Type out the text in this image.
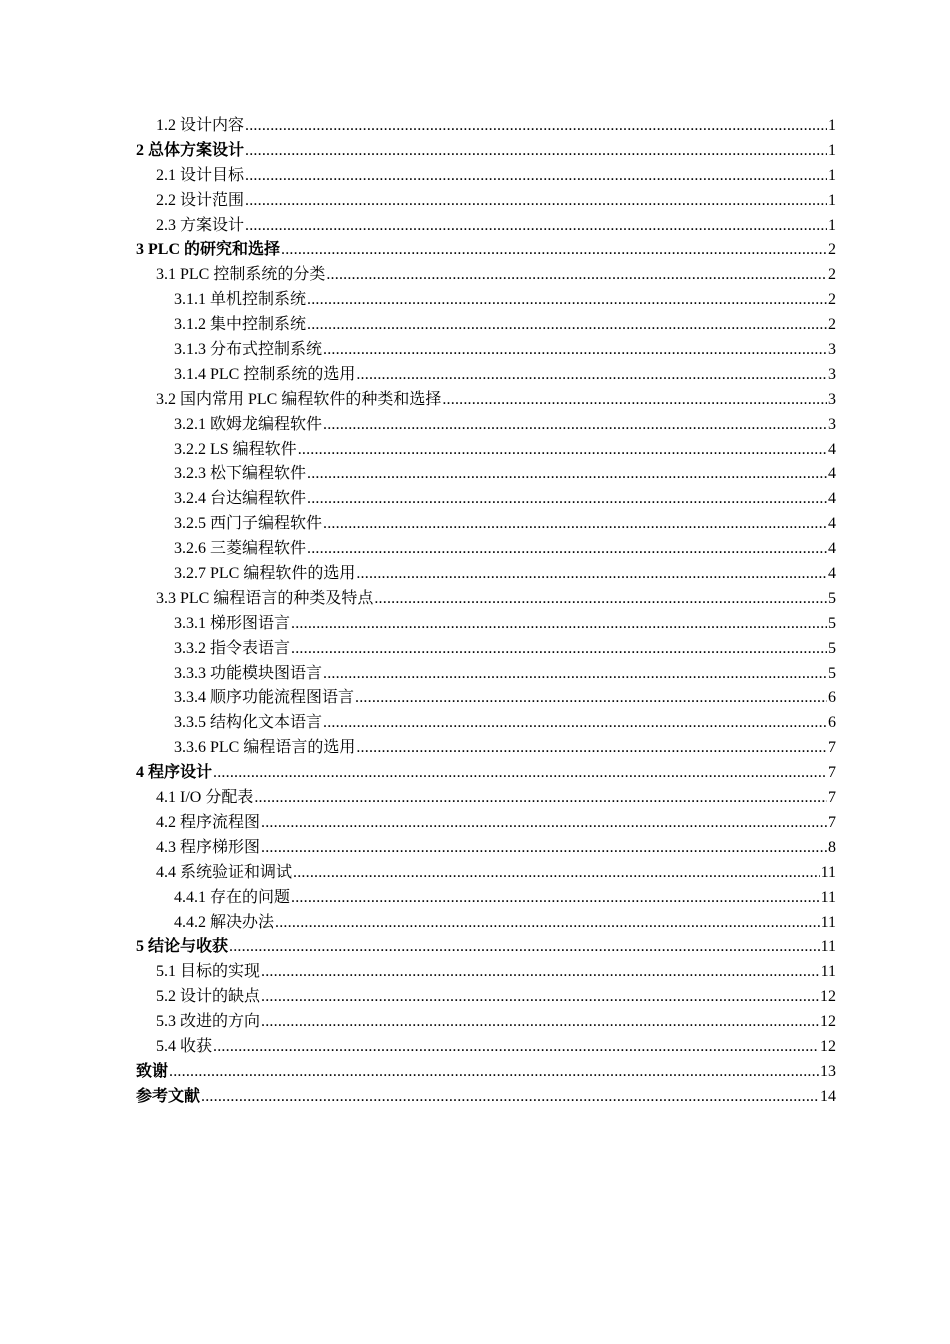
1.2 设计内容 .....	1
2 总体方案设计 .....	1
2.1 设计目标 .....	1
2.2 设计范围 .....	1
2.3 方案设计 .....	1
3 PLC 的研究和选择 .....	2
3.1 PLC 控制系统的分类 .....	2
3.1.1 单机控制系统 .....	2
3.1.2 集中控制系统 .....	2
3.1.3 分布式控制系统 .....	3
3.1.4 PLC 控制系统的选用 .....	3
3.2 国内常用 PLC 编程软件的种类和选择 .....	3
3.2.1 欧姆龙编程软件 .....	3
3.2.2 LS 编程软件 .....	4
3.2.3 松下编程软件 .....	4
3.2.4 台达编程软件 .....	4
3.2.5 西门子编程软件 .....	4
3.2.6 三菱编程软件 .....	4
3.2.7 PLC 编程软件的选用 .....	4
3.3 PLC 编程语言的种类及特点 .....	5
3.3.1 梯形图语言 .....	5
3.3.2 指令表语言 .....	5
3.3.3 功能模块图语言 .....	5
3.3.4 顺序功能流程图语言 .....	6
3.3.5 结构化文本语言 .....	6
3.3.6 PLC 编程语言的选用 .....	7
4 程序设计 .....	7
4.1 I/O 分配表 .....	7
4.2 程序流程图 .....	7
4.3 程序梯形图 .....	8
4.4 系统验证和调试 .....	11
4.4.1 存在的问题 .....	11
4.4.2 解决办法 .....	11
5 结论与收获 .....	11
5.1 目标的实现 .....	11
5.2 设计的缺点 .....	12
5.3 改进的方向 .....	12
5.4 收获 .....	12
致谢 .....	13
参考文献 .....	14
